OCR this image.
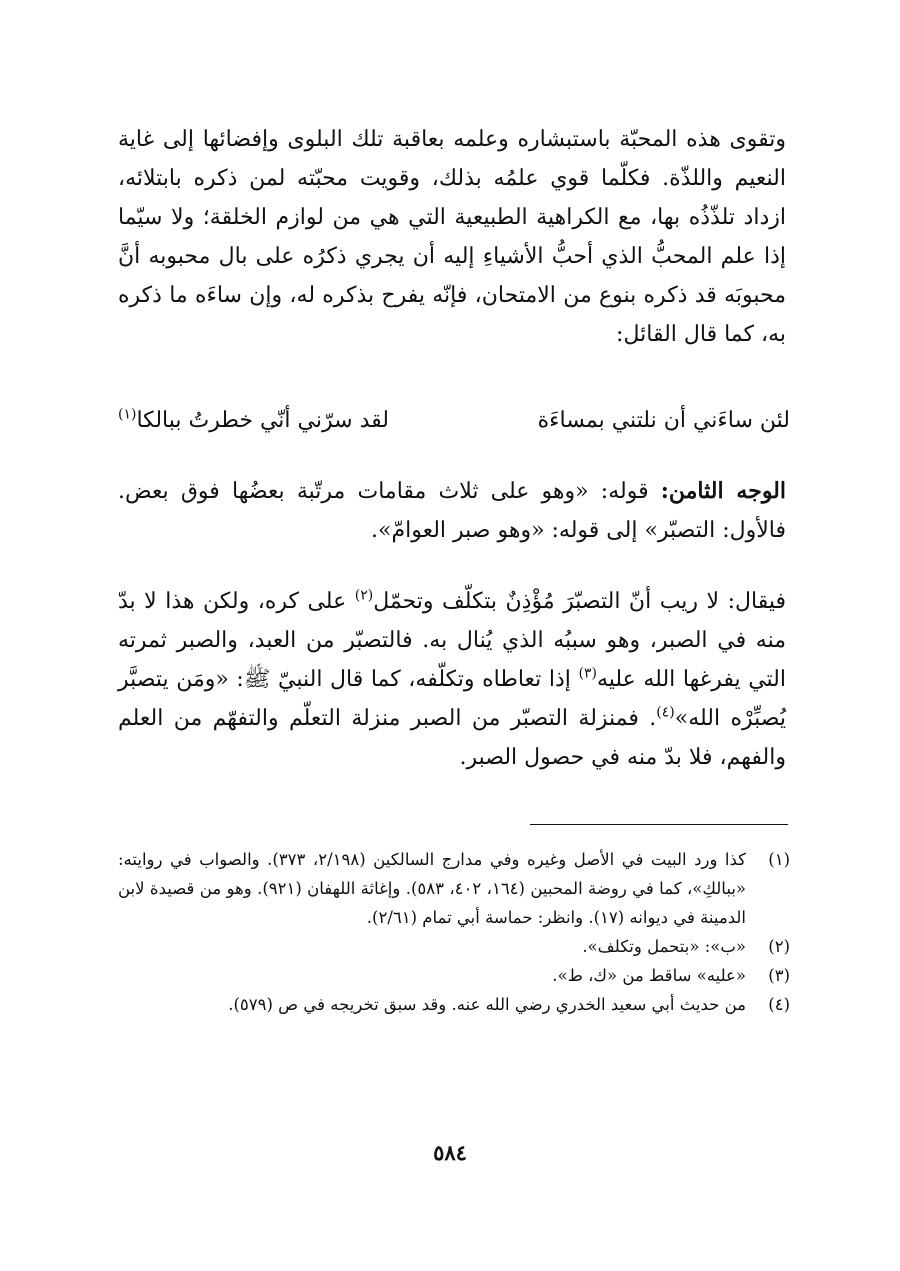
وتقوى هذه المحبّة باستبشاره وعلمه بعاقبة تلك البلوى وإفضائها إلى غاية النعيم واللذّة. فكلّما قوي علمُه بذلك، وقويت محبّته لمن ذكره بابتلائه، ازداد تلذّذُه بها، مع الكراهية الطبيعية التي هي من لوازم الخلقة؛ ولا سيّما إذا علم المحبُّ الذي أحبُّ الأشياءِ إليه أن يجري ذكرُه على بال محبوبه أنَّ محبوبَه قد ذكره بنوع من الامتحان، فإنّه يفرح بذكره له، وإن ساءَه ما ذكره به، كما قال القائل:
لئن ساءَني أن نلتني بمساءَة
لقد سرّني أنّي خطرتُ ببالكا$^{(١)}$
الوجه الثامن: قوله: «وهو على ثلاث مقامات مرتّبة بعضُها فوق بعض. فالأول: التصبّر» إلى قوله: «وهو صبر العوامّ».
فيقال: لا ريب أنّ التصبّرَ مُؤْذِنٌ بتكلّف وتحمّل$^{(٢)}$ على كره، ولكن هذا لا بدّ منه في الصبر، وهو سببُه الذي يُنال به. فالتصبّر من العبد، والصبر ثمرته التي يفرغها الله عليه$^{(٣)}$ إذا تعاطاه وتكلّفه، كما قال النبيّ ﷺ: «ومَن يتصبَّر يُصبِّرْه الله»$^{(٤)}$. فمنزلة التصبّر من الصبر منزلة التعلّم والتفهّم من العلم والفهم، فلا بدّ منه في حصول الصبر.
(١)
كذا ورد البيت في الأصل وغيره وفي مدارج السالكين (٢/١٩٨، ٣٧٣). والصواب في روايته: «ببالكِ»، كما في روضة المحبين (١٦٤، ٤٠٢، ٥٨٣). وإغاثة اللهفان (٩٢١). وهو من قصيدة لابن الدمينة في ديوانه (١٧). وانظر: حماسة أبي تمام (٢/٦١).
(٢)
«ب»: «بتحمل وتكلف».
(٣)
«عليه» ساقط من «ك، ط».
(٤)
من حديث أبي سعيد الخدري رضي الله عنه. وقد سبق تخريجه في ص (٥٧٩).
٥٨٤
